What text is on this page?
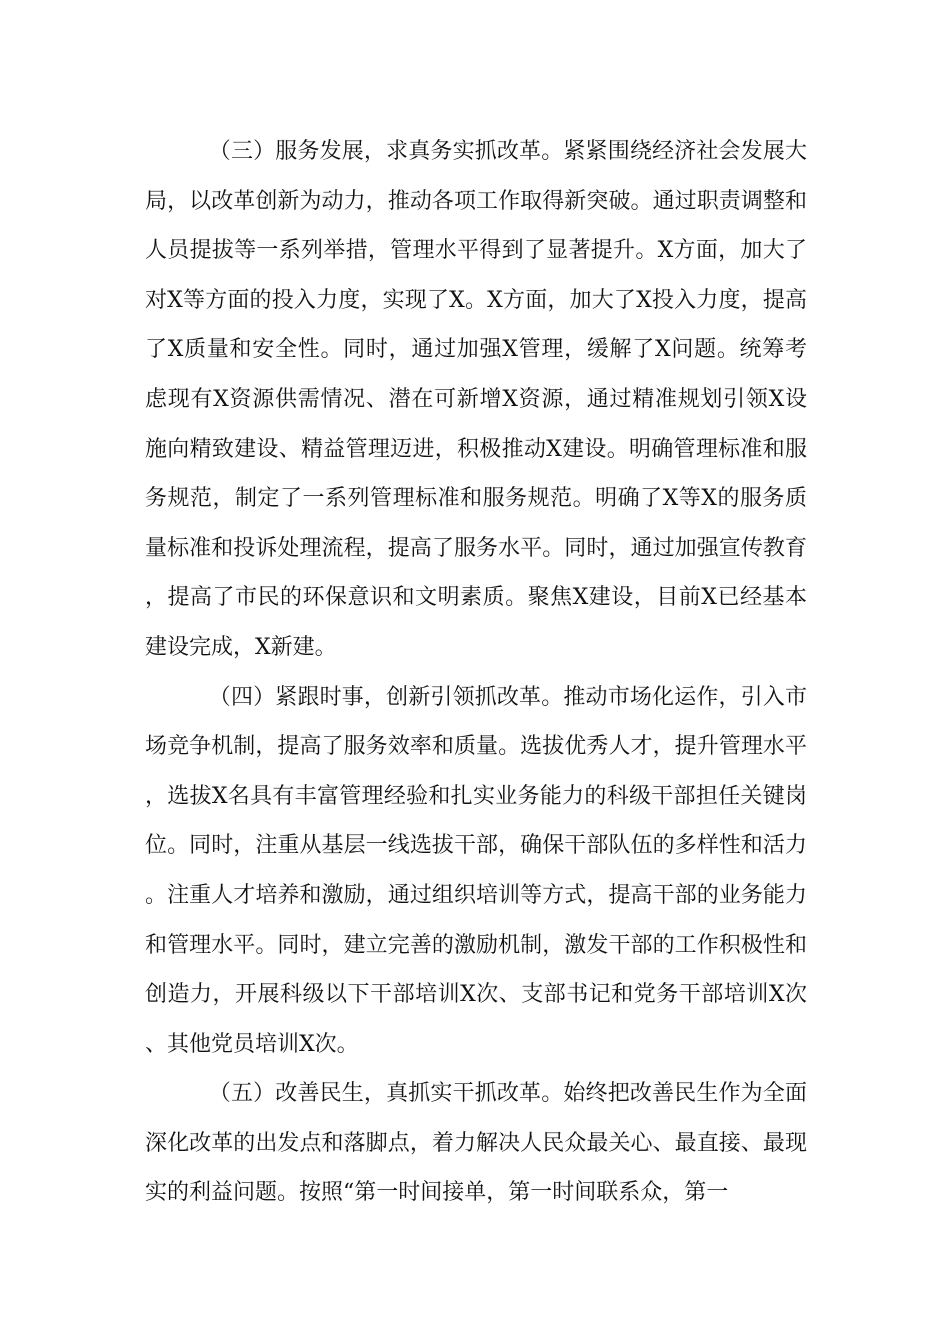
（三）服务发展，求真务实抓改革。紧紧围绕经济社会发展大局，以改革创新为动力，推动各项工作取得新突破。通过职责调整和人员提拔等一系列举措，管理水平得到了显著提升。X方面，加大了对X等方面的投入力度，实现了X。X方面，加大了X投入力度，提高了X质量和安全性。同时，通过加强X管理，缓解了X问题。统筹考虑现有X资源供需情况、潜在可新增X资源，通过精准规划引领X设施向精致建设、精益管理迈进，积极推动X建设。明确管理标准和服务规范，制定了一系列管理标准和服务规范。明确了X等X的服务质量标准和投诉处理流程，提高了服务水平。同时，通过加强宣传教育，提高了市民的环保意识和文明素质。聚焦X建设，目前X已经基本建设完成，X新建。

（四）紧跟时事，创新引领抓改革。推动市场化运作，引入市场竞争机制，提高了服务效率和质量。选拔优秀人才，提升管理水平，选拔X名具有丰富管理经验和扎实业务能力的科级干部担任关键岗位。同时，注重从基层一线选拔干部，确保干部队伍的多样性和活力。注重人才培养和激励，通过组织培训等方式，提高干部的业务能力和管理水平。同时，建立完善的激励机制，激发干部的工作积极性和创造力，开展科级以下干部培训X次、支部书记和党务干部培训X次、其他党员培训X次。

（五）改善民生，真抓实干抓改革。始终把改善民生作为全面深化改革的出发点和落脚点，着力解决人民众最关心、最直接、最现实的利益问题。按照“第一时间接单，第一时间联系众，第一
